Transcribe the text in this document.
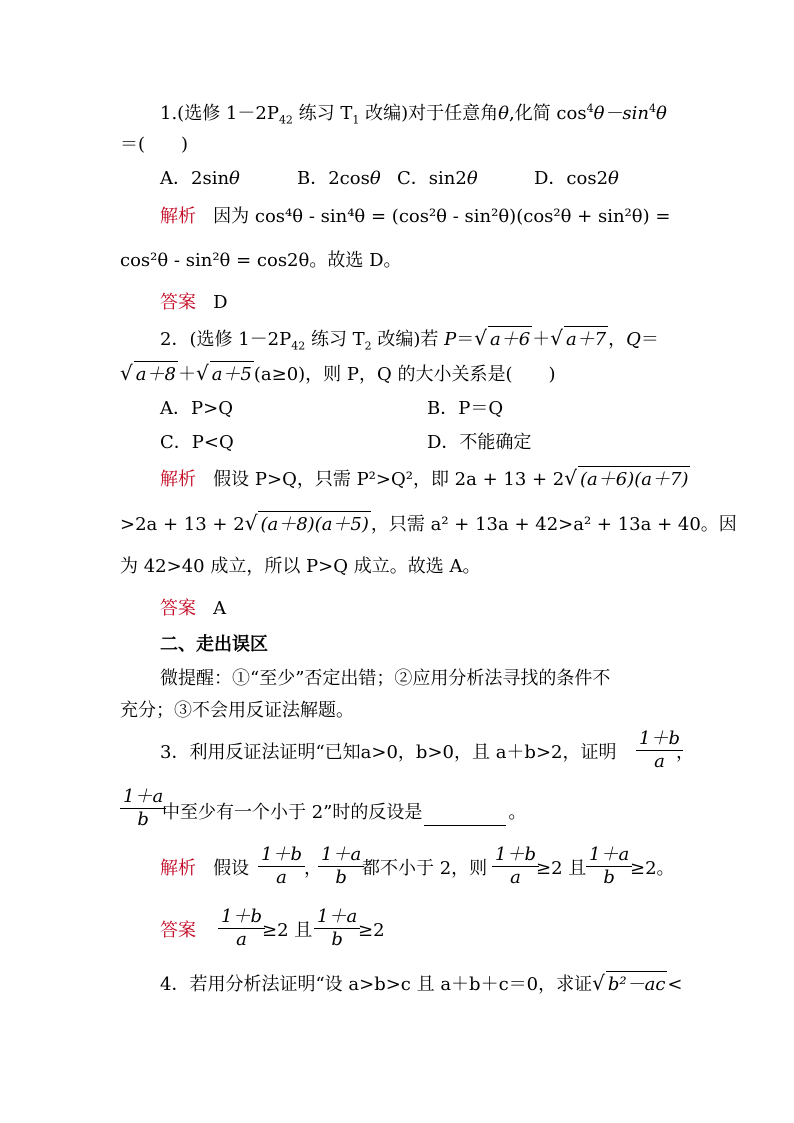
1.(选修 $1-2P_{42}$ 练习 $T_1$ 改编)对于任意角θ,化简 $\cos^4\theta-\sin^4\theta$
＝(　　)
A．2sinθ	B．2cosθ C．sin2θ	D．cos2θ
解析 因为 cos⁴θ - sin⁴θ = (cos²θ - sin²θ)(cos²θ + sin²θ) =
cos²θ - sin²θ = cos2θ。故选 D。
答案 D
2．(选修 $1-2P_{42}$ 练习 $T_2$ 改编)若 P＝√ a＋6 ＋√ a＋7 ，Q＝
√ a＋8 ＋√ a＋5 (a≥0)，则 P，Q 的大小关系是(　　)
A．P>Q	B．P＝Q
C．P<Q	D．不能确定
解析 假设 P>Q，只需 P²>Q²，即 2a + 13 + 2√ (a＋6)(a＋7)
>2a + 13 + 2√ (a＋8)(a＋5) ，只需 a² + 13a + 42>a² + 13a + 40。因
为 42>40 成立，所以 P>Q 成立。故选 A。
答案 A
二、走出误区
微提醒：①“至少”否定出错；②应用分析法寻找的条件不
充分；③不会用反证法解题。
3．利用反证法证明“已知a>0，b>0，且 a＋b>2，证明 $\frac{1+b}{a}$
，
$\frac{1+a}{b}$
中至少有一个小于 2”时的反设是	。
解析 假设 $\frac{1+b}{a}$ ，
$\frac{1+a}{b}$
都不小于 2，则 $\frac{1+b}{a}$
≥2 且 $\frac{1+a}{b}$
≥2。
答案 $\frac{1+b}{a}$
≥2 且 $\frac{1+a}{b}$
≥2
4．若用分析法证明“设 a>b>c 且 a＋b＋c＝0，求证√ b²－ac <
